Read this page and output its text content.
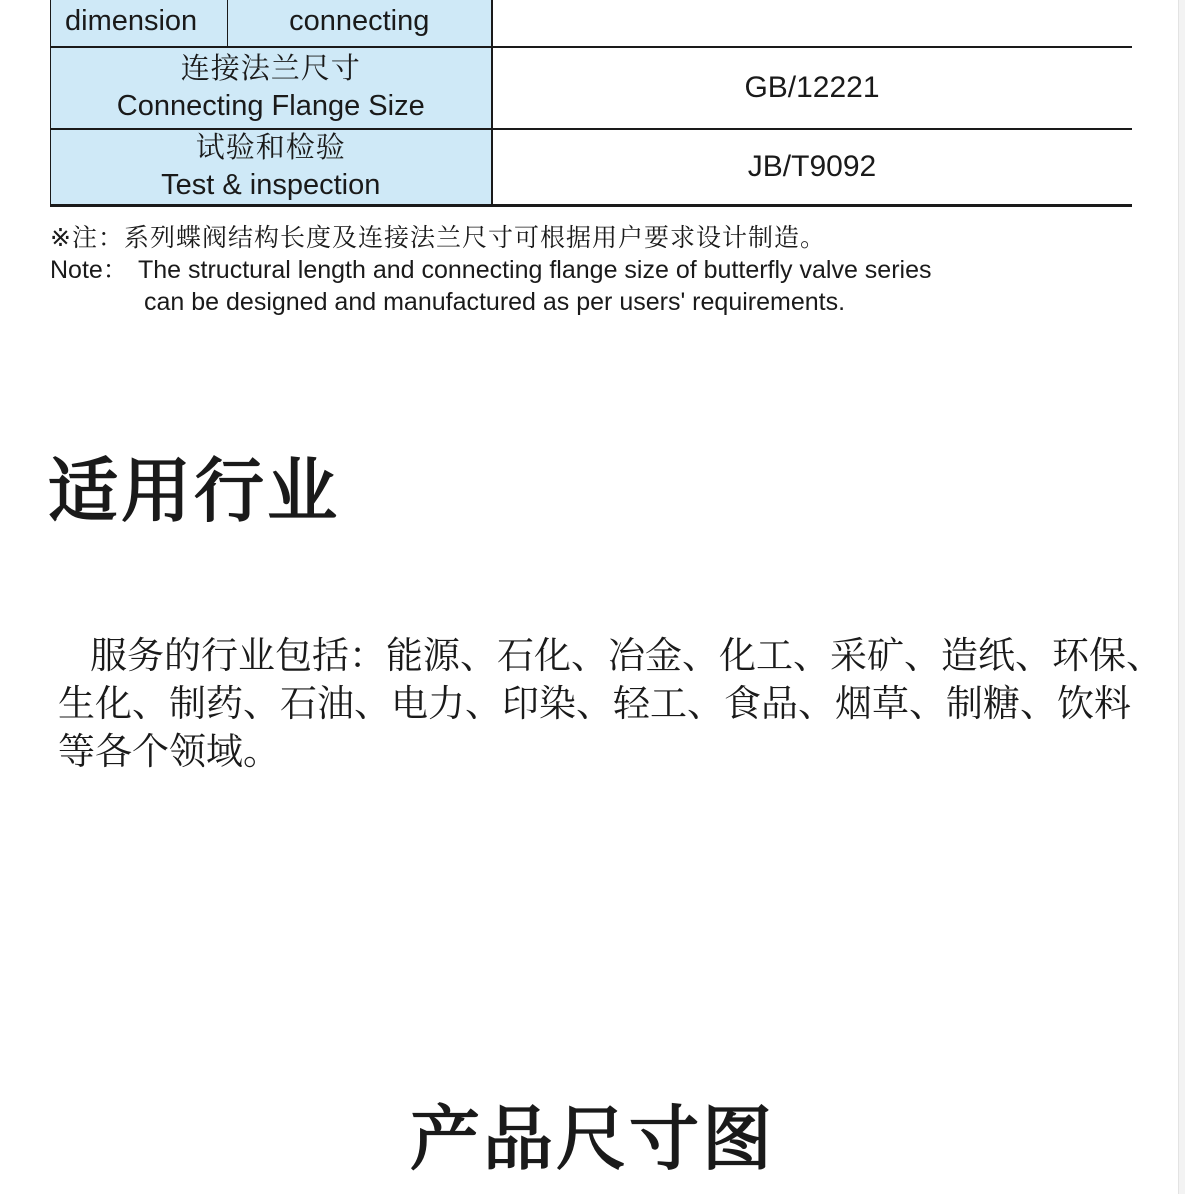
dimension	connecting	

连接法兰尺寸
Connecting Flange Size		GB/12221

试验和检验
Test & inspection		JB/T9092
※注：系列蝶阀结构长度及连接法兰尺寸可根据用户要求设计制造。
Note： The structural length and connecting flange size of butterfly valve series
can be designed and manufactured as per users' requirements.
适用行业
服务的行业包括：能源、石化、冶金、化工、采矿、造纸、环保、
生化、制药、石油、电力、印染、轻工、食品、烟草、制糖、饮料
等各个领域。
产品尺寸图
